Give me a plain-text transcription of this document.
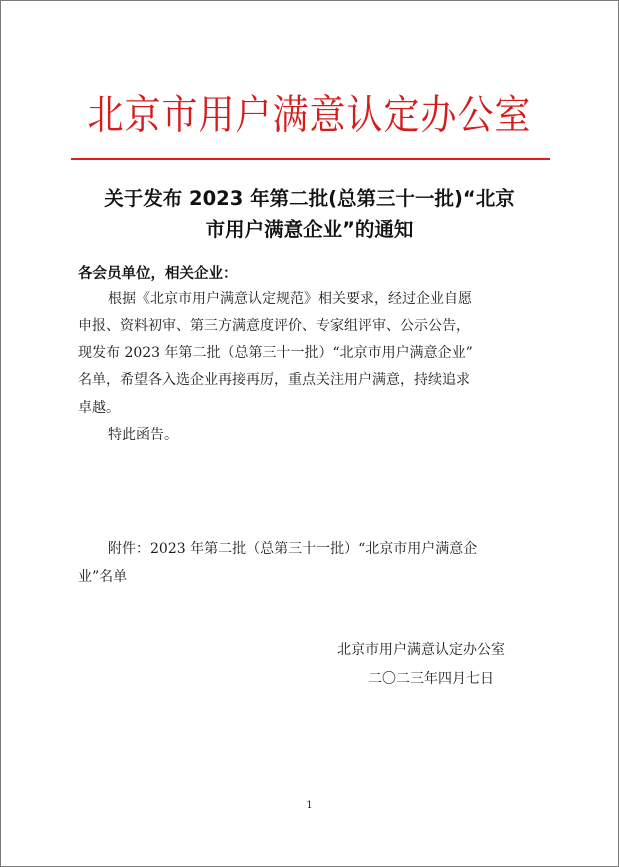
北京市用户满意认定办公室
关于发布 2023 年第二批(总第三十一批)“北京
市用户满意企业”的通知
各会员单位，相关企业：
根据《北京市用户满意认定规范》相关要求，经过企业自愿
申报、资料初审、第三方满意度评价、专家组评审、公示公告，
现发布 2023 年第二批（总第三十一批）“北京市用户满意企业”
名单，希望各入选企业再接再厉，重点关注用户满意，持续追求
卓越。
特此函告。
附件：2023 年第二批（总第三十一批）“北京市用户满意企
业”名单
北京市用户满意认定办公室
二〇二三年四月七日
1
